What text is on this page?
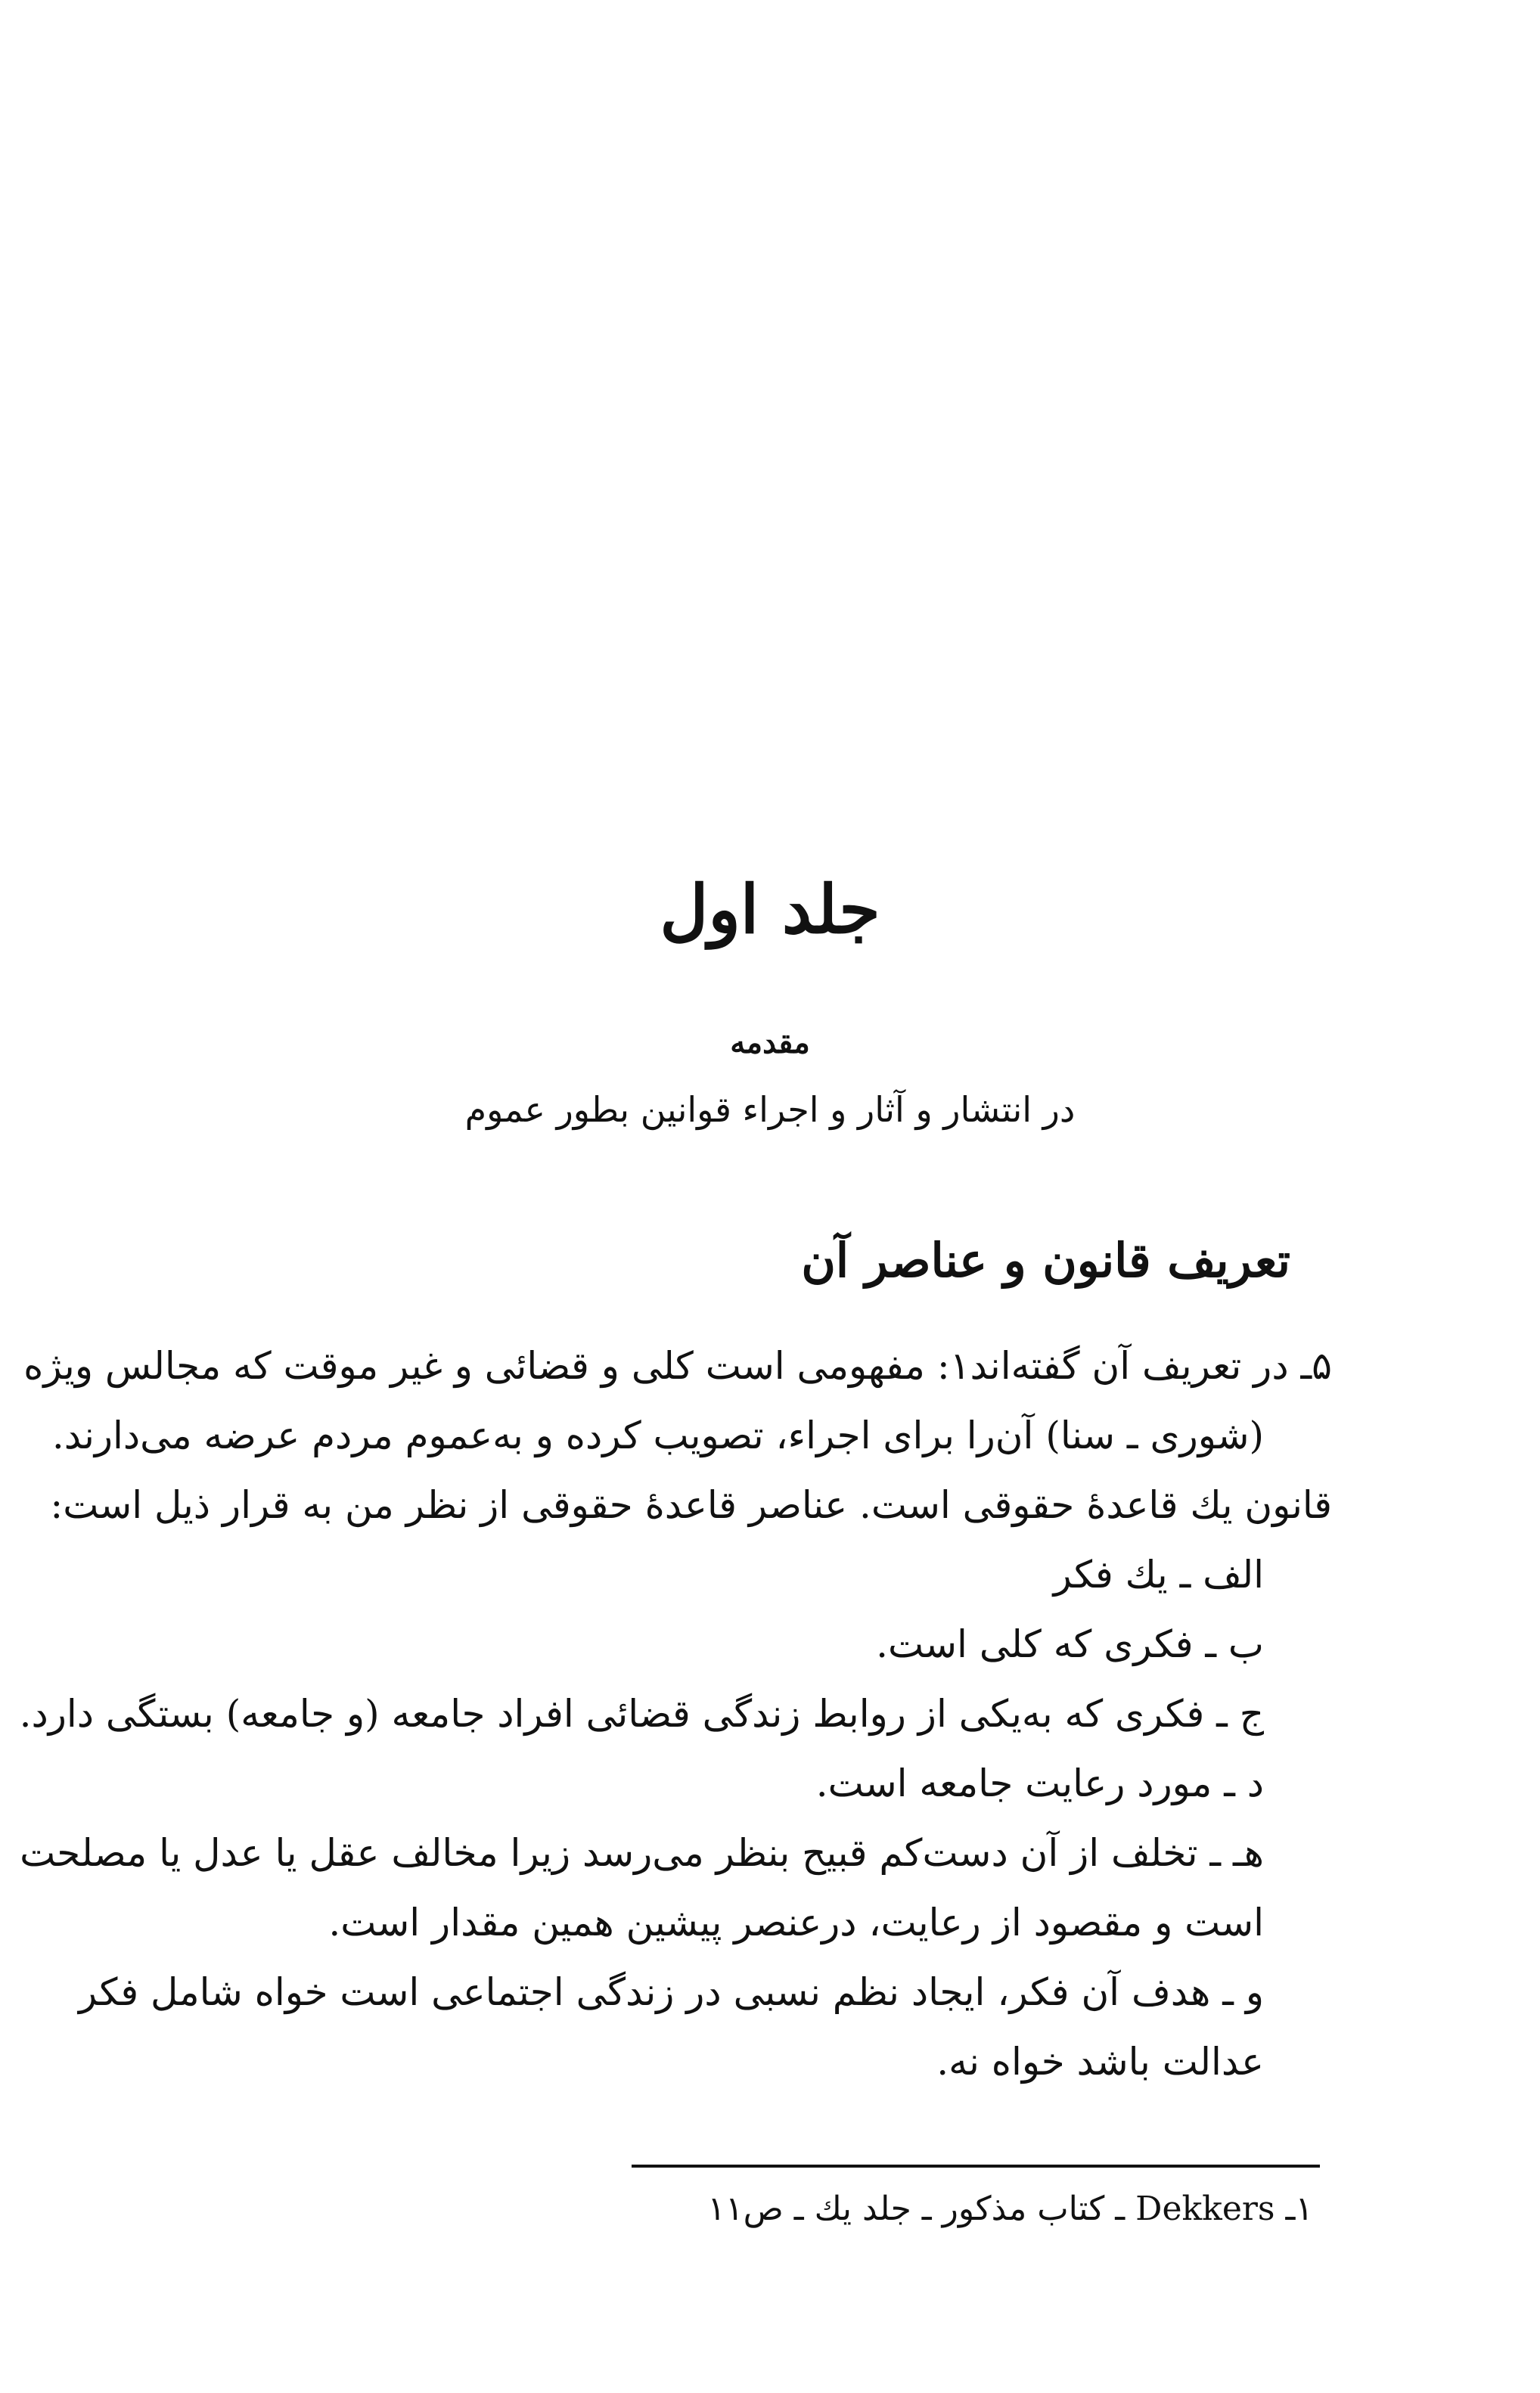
جلد اول
مقدمه
در انتشار و آثار و اجراء قوانین بطور عموم
تعریف قانون و عناصر آن
۵ـ در تعریف آن گفته‌اند۱: مفهومی است کلی و قضائی و غیر موقت که مجالس ویژه
(شوری ـ سنا) آن‌را برای اجراء، تصویب کرده و به‌عموم مردم عرضه می‌دارند.
قانون یك قاعدهٔ حقوقی است. عناصر قاعدهٔ حقوقی از نظر من به قرار ذیل است:
الف ـ یك فکر
ب ـ فکری که کلی است.
ج ـ فکری که به‌یکی از روابط زندگی قضائی افراد جامعه (و جامعه) بستگی دارد.
د ـ مورد رعایت جامعه است.
هـ ـ تخلف از آن دست‌کم قبیح بنظر می‌رسد زیرا مخالف عقل یا عدل یا مصلحت
است و مقصود از رعایت، درعنصر پیشین همین مقدار است.
و ـ هدف آن فکر، ایجاد نظم نسبی در زندگی اجتماعی است خواه شامل فکر
عدالت باشد خواه نه.
۱ـ Dekkers ـ کتاب مذکور ـ جلد یك ـ ص۱۱
